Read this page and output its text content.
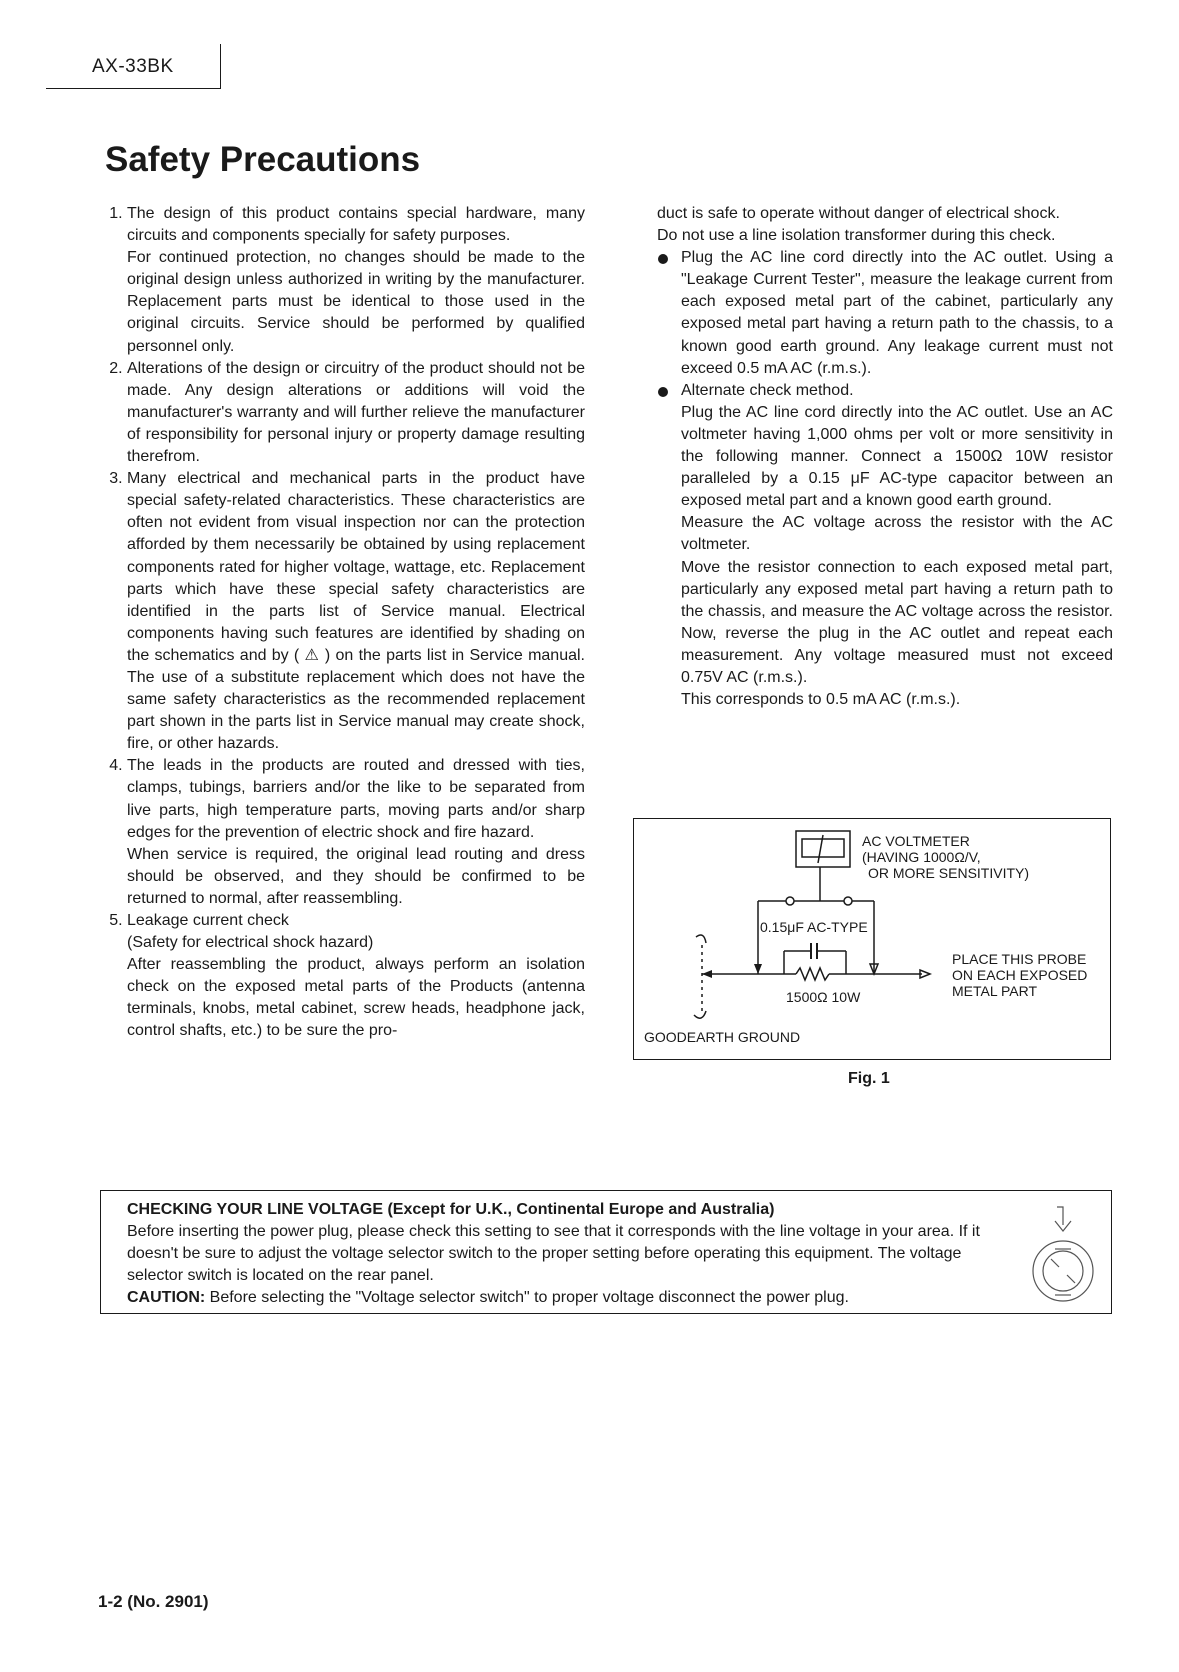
AX-33BK
Safety Precautions

1. The design of this product contains special hardware, many circuits and components specially for safety purposes.

For continued protection, no changes should be made to the original design unless authorized in writing by the manufacturer. Replacement parts must be identical to those used in the original circuits. Service should be performed by qualified personnel only.

2. Alterations of the design or circuitry of the product should not be made. Any design alterations or additions will void the manufacturer's warranty and will further relieve the manufacturer of responsibility for personal injury or property damage resulting therefrom.

3. Many electrical and mechanical parts in the product have special safety-related characteristics. These characteristics are often not evident from visual inspection nor can the protection afforded by them necessarily be obtained by using replacement components rated for higher voltage, wattage, etc. Replacement parts which have these special safety characteristics are identified in the parts list of Service manual. Electrical components having such features are identified by shading on the schematics and by ( ⚠ ) on the parts list in Service manual. The use of a substitute replacement which does not have the same safety characteristics as the recommended replacement part shown in the parts list in Service manual may create shock, fire, or other hazards.

4. The leads in the products are routed and dressed with ties, clamps, tubings, barriers and/or the like to be separated from live parts, high temperature parts, moving parts and/or sharp edges for the prevention of electric shock and fire hazard.

When service is required, the original lead routing and dress should be observed, and they should be confirmed to be returned to normal, after reassembling.

5. Leakage current check

(Safety for electrical shock hazard)

After reassembling the product, always perform an isolation check on the exposed metal parts of the Products (antenna terminals, knobs, metal cabinet, screw heads, headphone jack, control shafts, etc.) to be sure the pro-

duct is safe to operate without danger of electrical shock.

Do not use a line isolation transformer during this check.

Plug the AC line cord directly into the AC outlet. Using a "Leakage Current Tester", measure the leakage current from each exposed metal part of the cabinet, particularly any exposed metal part having a return path to the chassis, to a known good earth ground. Any leakage current must not exceed 0.5 mA AC (r.m.s.).

Alternate check method.

Plug the AC line cord directly into the AC outlet. Use an AC voltmeter having 1,000 ohms per volt or more sensitivity in the following manner. Connect a 1500Ω 10W resistor paralleled by a 0.15 μF AC-type capacitor between an exposed metal part and a known good earth ground.

Measure the AC voltage across the resistor with the AC voltmeter.

Move the resistor connection to each exposed metal part, particularly any exposed metal part having a return path to the chassis, and measure the AC voltage across the resistor. Now, reverse the plug in the AC outlet and repeat each measurement. Any voltage measured must not exceed 0.75V AC (r.m.s.).

This corresponds to 0.5 mA AC (r.m.s.).

AC VOLTMETER
(HAVING 1000Ω/V,
OR MORE SENSITIVITY)
0.15μF AC-TYPE
1500Ω 10W
PLACE THIS PROBE
ON EACH EXPOSED
METAL PART
GOODEARTH GROUND
Fig. 1

CHECKING YOUR LINE VOLTAGE (Except for U.K., Continental Europe and Australia)

Before inserting the power plug, please check this setting to see that it corresponds with the line voltage in your area. If it doesn't be sure to adjust the voltage selector switch to the proper setting before operating this equipment. The voltage selector switch is located on the rear panel.

CAUTION: Before selecting the "Voltage selector switch" to proper voltage disconnect the power plug.

1-2 (No. 2901)
